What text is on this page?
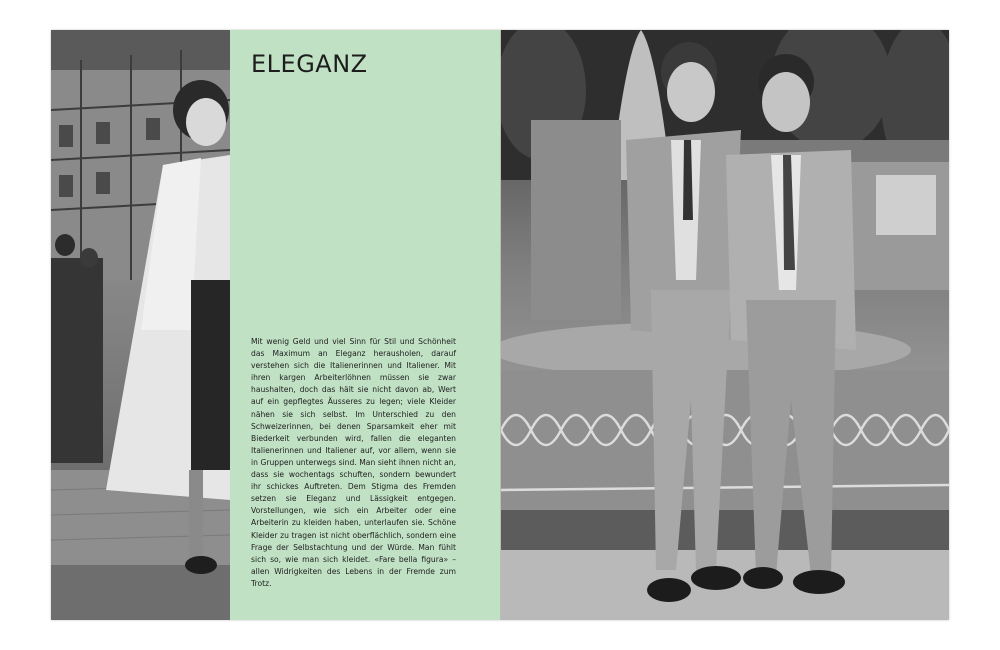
ELEGANZ

Mit wenig Geld und viel Sinn für Stil und Schönheit das Maximum an Eleganz herausholen, darauf verstehen sich die Italienerinnen und Italiener. Mit ihren kargen Arbeiterlöhnen müssen sie zwar haushalten, doch das hält sie nicht davon ab, Wert auf ein gepflegtes Äusseres zu legen; viele Kleider nähen sie sich selbst. Im Unterschied zu den Schweizerinnen, bei denen Sparsamkeit eher mit Biederkeit verbunden wird, fallen die eleganten Italienerinnen und Italiener auf, vor allem, wenn sie in Gruppen unterwegs sind. Man sieht ihnen nicht an, dass sie wochentags schuften, sondern bewundert ihr schickes Auftreten. Dem Stigma des Fremden setzen sie Eleganz und Lässigkeit entgegen. Vorstellungen, wie sich ein Arbeiter oder eine Arbeiterin zu kleiden haben, unterlaufen sie. Schöne Kleider zu tragen ist nicht oberflächlich, sondern eine Frage der Selbstachtung und der Würde. Man fühlt sich so, wie man sich kleidet. «Fare bella figura» – allen Widrigkeiten des Lebens in der Fremde zum Trotz.
